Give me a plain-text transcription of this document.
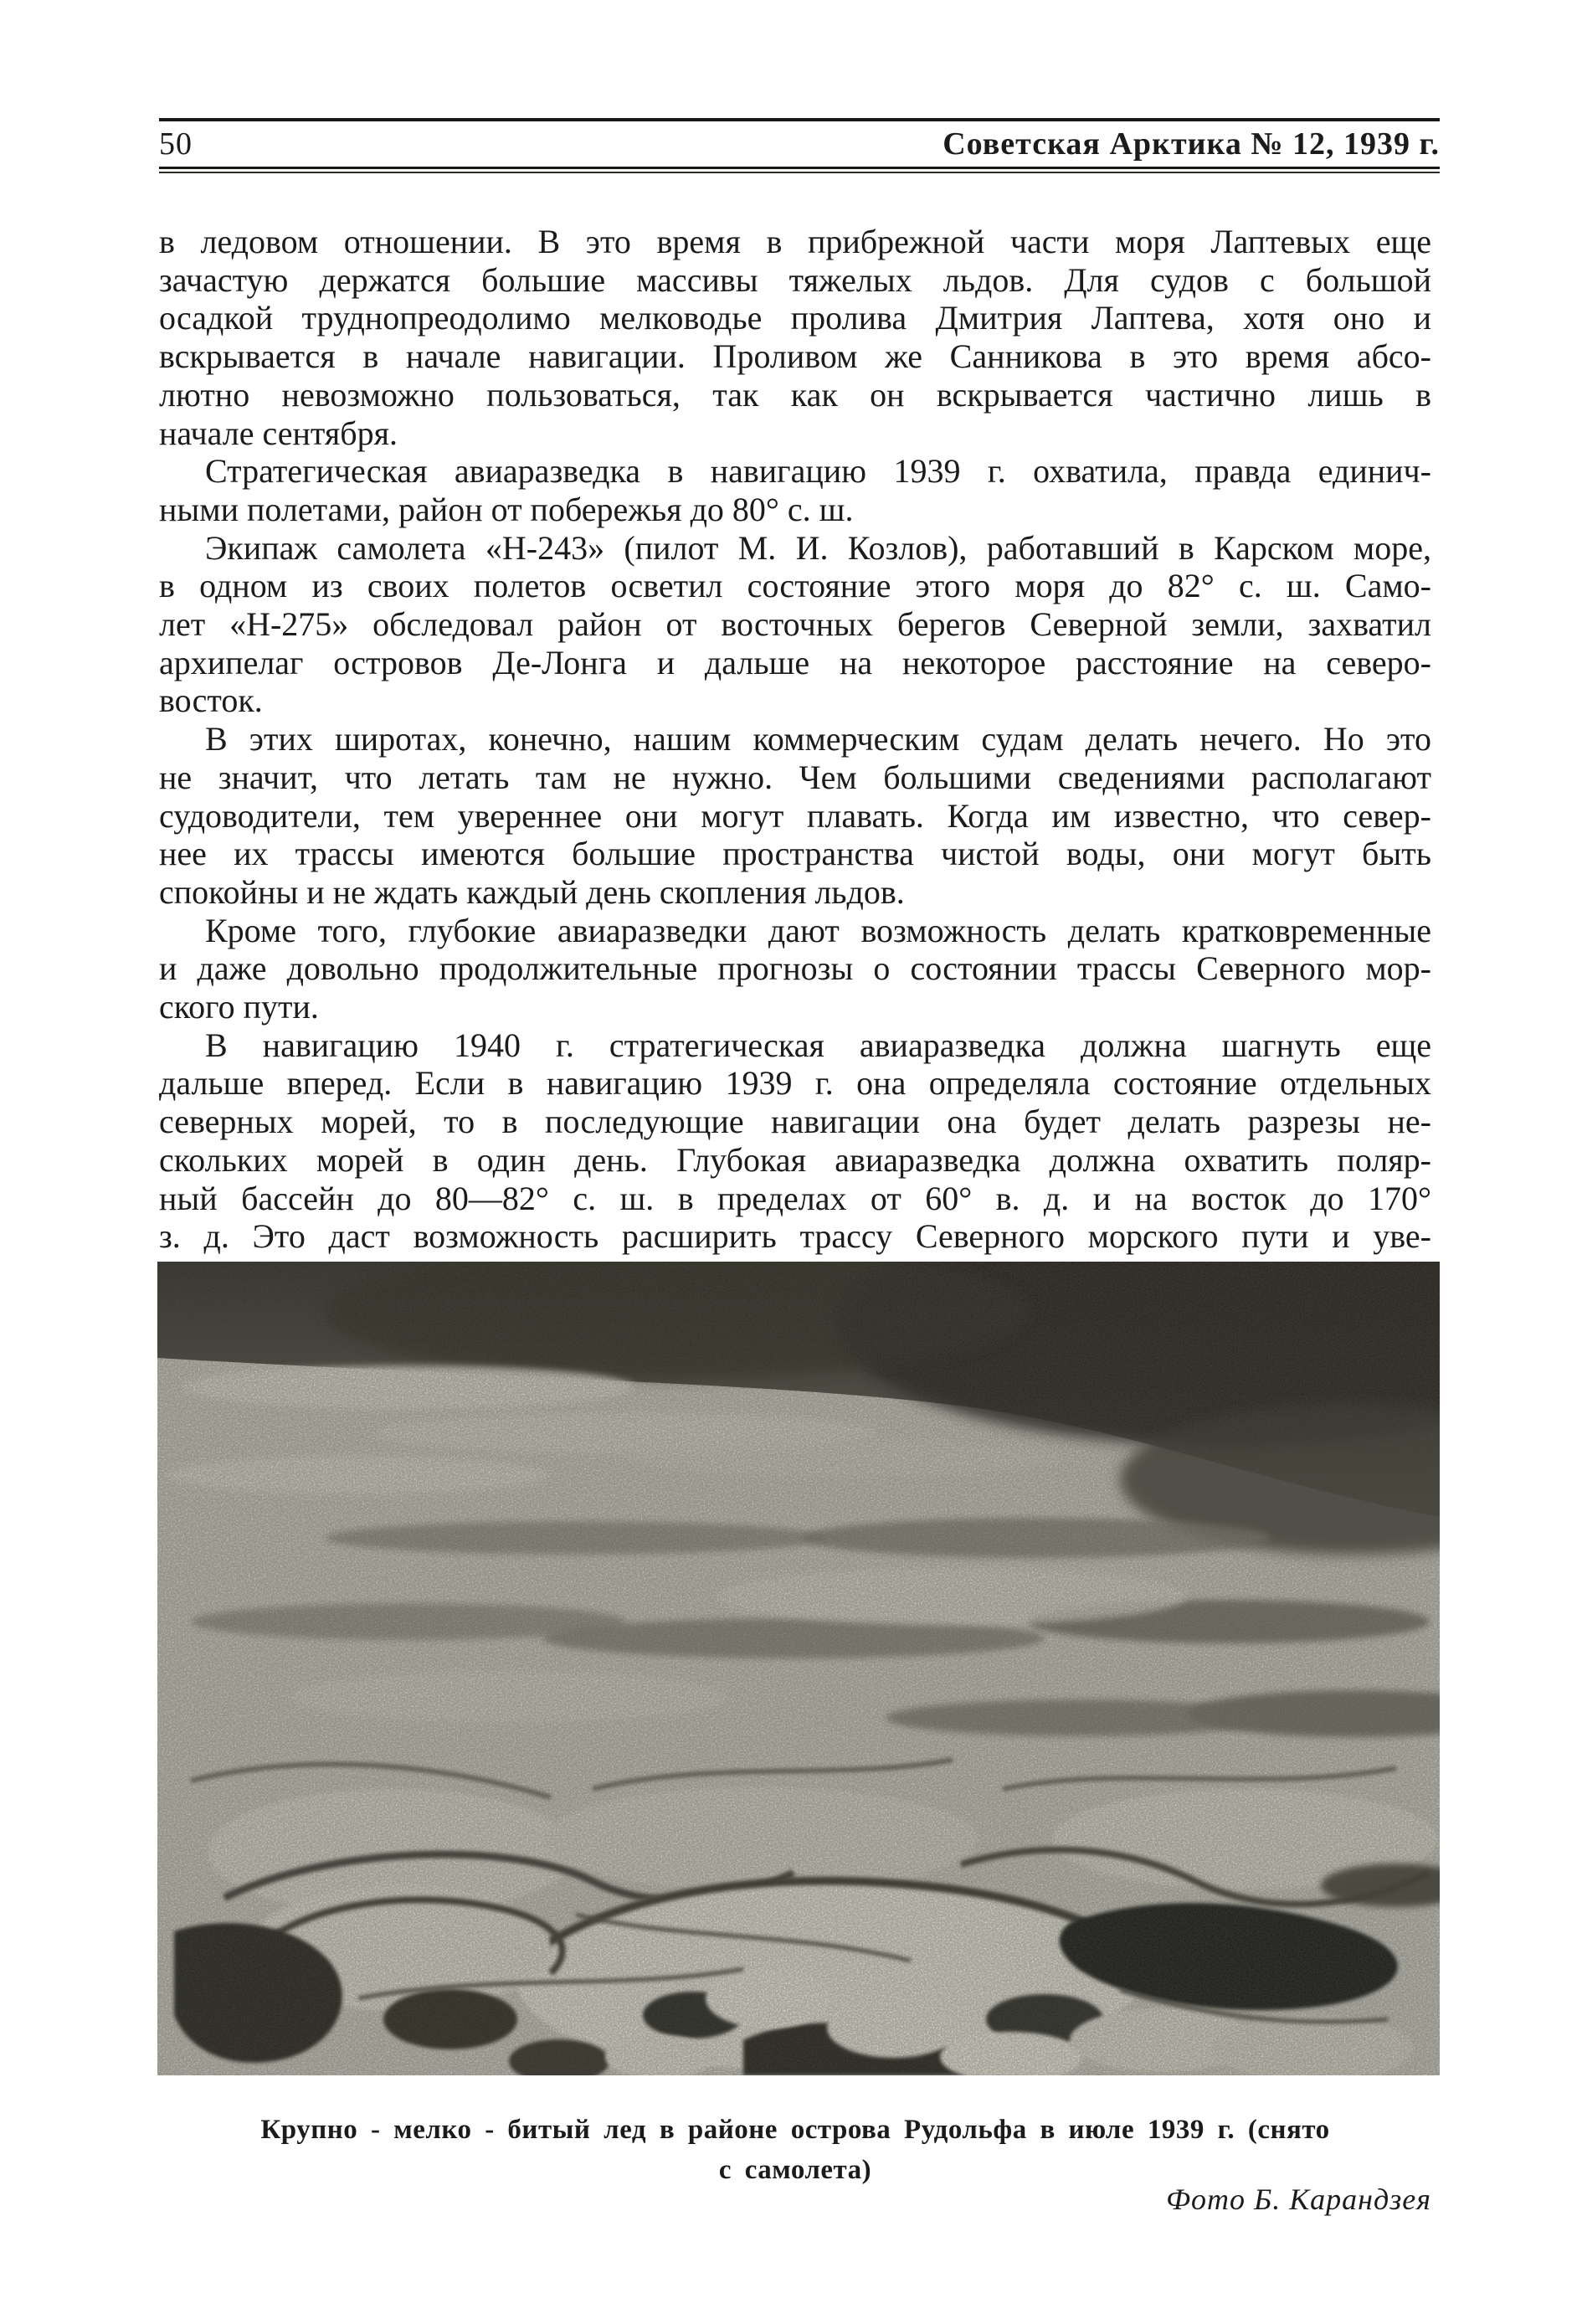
50	Советская Арктика № 12, 1939 г.
в ледовом отношении. В это время в прибрежной части моря Лаптевых еще
зачастую держатся большие массивы тяжелых льдов. Для судов с большой
осадкой труднопреодолимо мелководье пролива Дмитрия Лаптева, хотя оно и
вскрывается в начале навигации. Проливом же Санникова в это время абсо-
лютно невозможно пользоваться, так как он вскрывается частично лишь в
начале сентября.
Стратегическая авиаразведка в навигацию 1939 г. охватила, правда единич-
ными полетами, район от побережья до 80° с. ш.
Экипаж самолета «Н-243» (пилот М. И. Козлов), работавший в Карском море,
в одном из своих полетов осветил состояние этого моря до 82° с. ш. Само-
лет «Н-275» обследовал район от восточных берегов Северной земли, захватил
архипелаг островов Де-Лонга и дальше на некоторое расстояние на северо-
восток.
В этих широтах, конечно, нашим коммерческим судам делать нечего. Но это
не значит, что летать там не нужно. Чем большими сведениями располагают
судоводители, тем увереннее они могут плавать. Когда им известно, что север-
нее их трассы имеются большие пространства чистой воды, они могут быть
спокойны и не ждать каждый день скопления льдов.
Кроме того, глубокие авиаразведки дают возможность делать кратковременные
и даже довольно продолжительные прогнозы о состоянии трассы Северного мор-
ского пути.
В навигацию 1940 г. стратегическая авиаразведка должна шагнуть еще
дальше вперед. Если в навигацию 1939 г. она определяла состояние отдельных
северных морей, то в последующие навигации она будет делать разрезы не-
скольких морей в один день. Глубокая авиаразведка должна охватить поляр-
ный бассейн до 80—82° с. ш. в пределах от 60° в. д. и на восток до 170°
з. д. Это даст возможность расширить трассу Северного морского пути и уве-
Крупно - мелко - битый лед в районе острова Рудольфа в июле 1939 г. (снято
с самолета)
Фото Б. Карандзея
